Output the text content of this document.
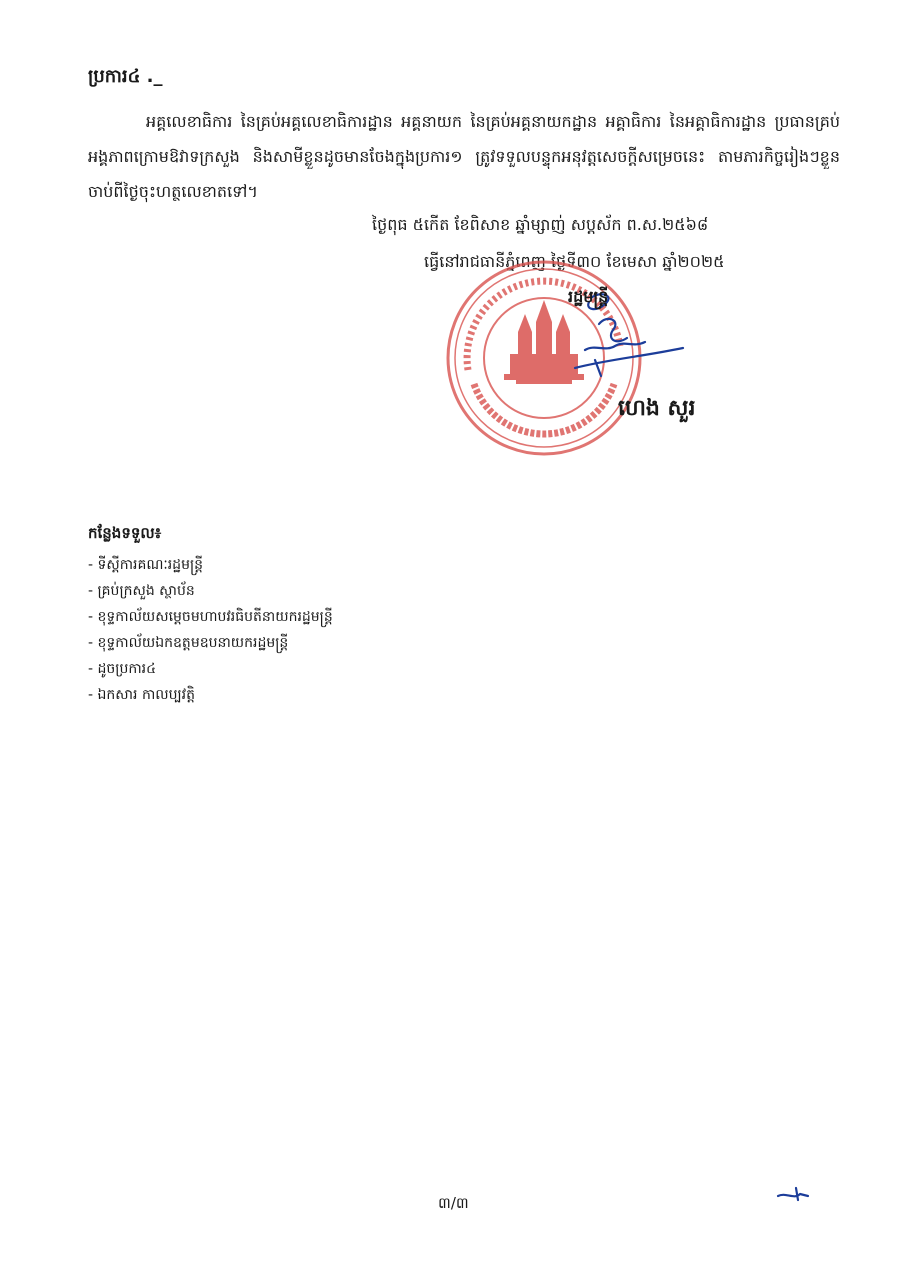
ប្រការ៤ ._
អគ្គលេខាធិការ នៃគ្រប់អគ្គលេខាធិការដ្ឋាន អគ្គនាយក នៃគ្រប់អគ្គនាយកដ្ឋាន អគ្គាធិការ នៃអគ្គាធិការដ្ឋាន ប្រធានគ្រប់អង្គភាពក្រោមឱវាទក្រសួង និងសាមីខ្លួនដូចមានចែងក្នុងប្រការ១ ត្រូវទទួលបន្ទុកអនុវត្តសេចក្តីសម្រេចនេះ តាមភារកិច្ចរៀងៗខ្លួនចាប់ពីថ្ងៃចុះហត្ថលេខាតទៅ។
ថ្ងៃពុធ ៥កើត ខែពិសាខ ឆ្នាំម្សាញ់ សប្តស័ក ព.ស.២៥៦៨
ធ្វើនៅរាជធានីភ្នំពេញ ថ្ងៃទី៣០ ខែមេសា ឆ្នាំ២០២៥
រដ្ឋមន្ត្រី
ហេង សួរ
កន្លែងទទួល៖
- ទីស្តីការគណៈរដ្ឋមន្ត្រី
- គ្រប់ក្រសួង ស្ថាប័ន
- ខុទ្ទកាល័យសម្តេចមហាបវរធិបតីនាយករដ្ឋមន្ត្រី
- ខុទ្ទកាល័យឯកឧត្តមឧបនាយករដ្ឋមន្ត្រី
- ដូចប្រការ៤
- ឯកសារ កាលប្បវត្តិ
៣/៣
